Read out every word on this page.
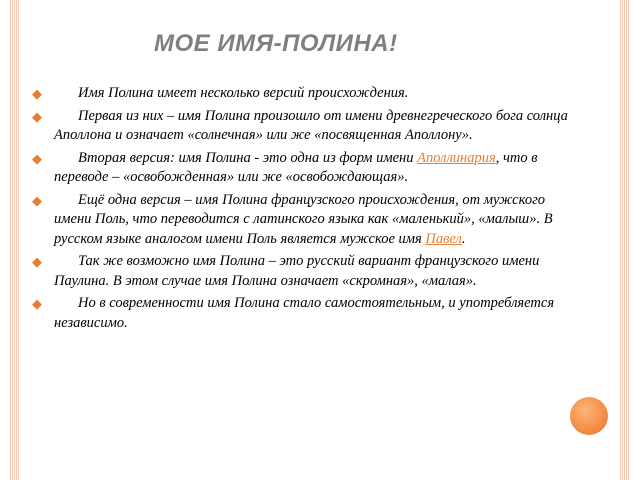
МОЕ ИМЯ-ПОЛИНА!
◆ Имя Полина имеет несколько версий происхождения.
◆ Первая из них – имя Полина произошло от имени древнегреческого бога солнца Аполлона и означает «солнечная» или же «посвященная Аполлону».
◆ Вторая версия: имя Полина - это одна из форм имени Аполлинария, что в переводе – «освобожденная» или же «освобождающая».
◆ Ещё одна версия – имя Полина французского происхождения, от мужского имени Поль, что переводится с латинского языка как «маленький», «малыш». В русском языке аналогом имени Поль является мужское имя Павел.
◆ Так же возможно имя Полина – это русский вариант французского имени Паулина. В этом случае имя Полина означает «скромная», «малая».
◆ Но в современности имя Полина стало самостоятельным, и употребляется независимо.
